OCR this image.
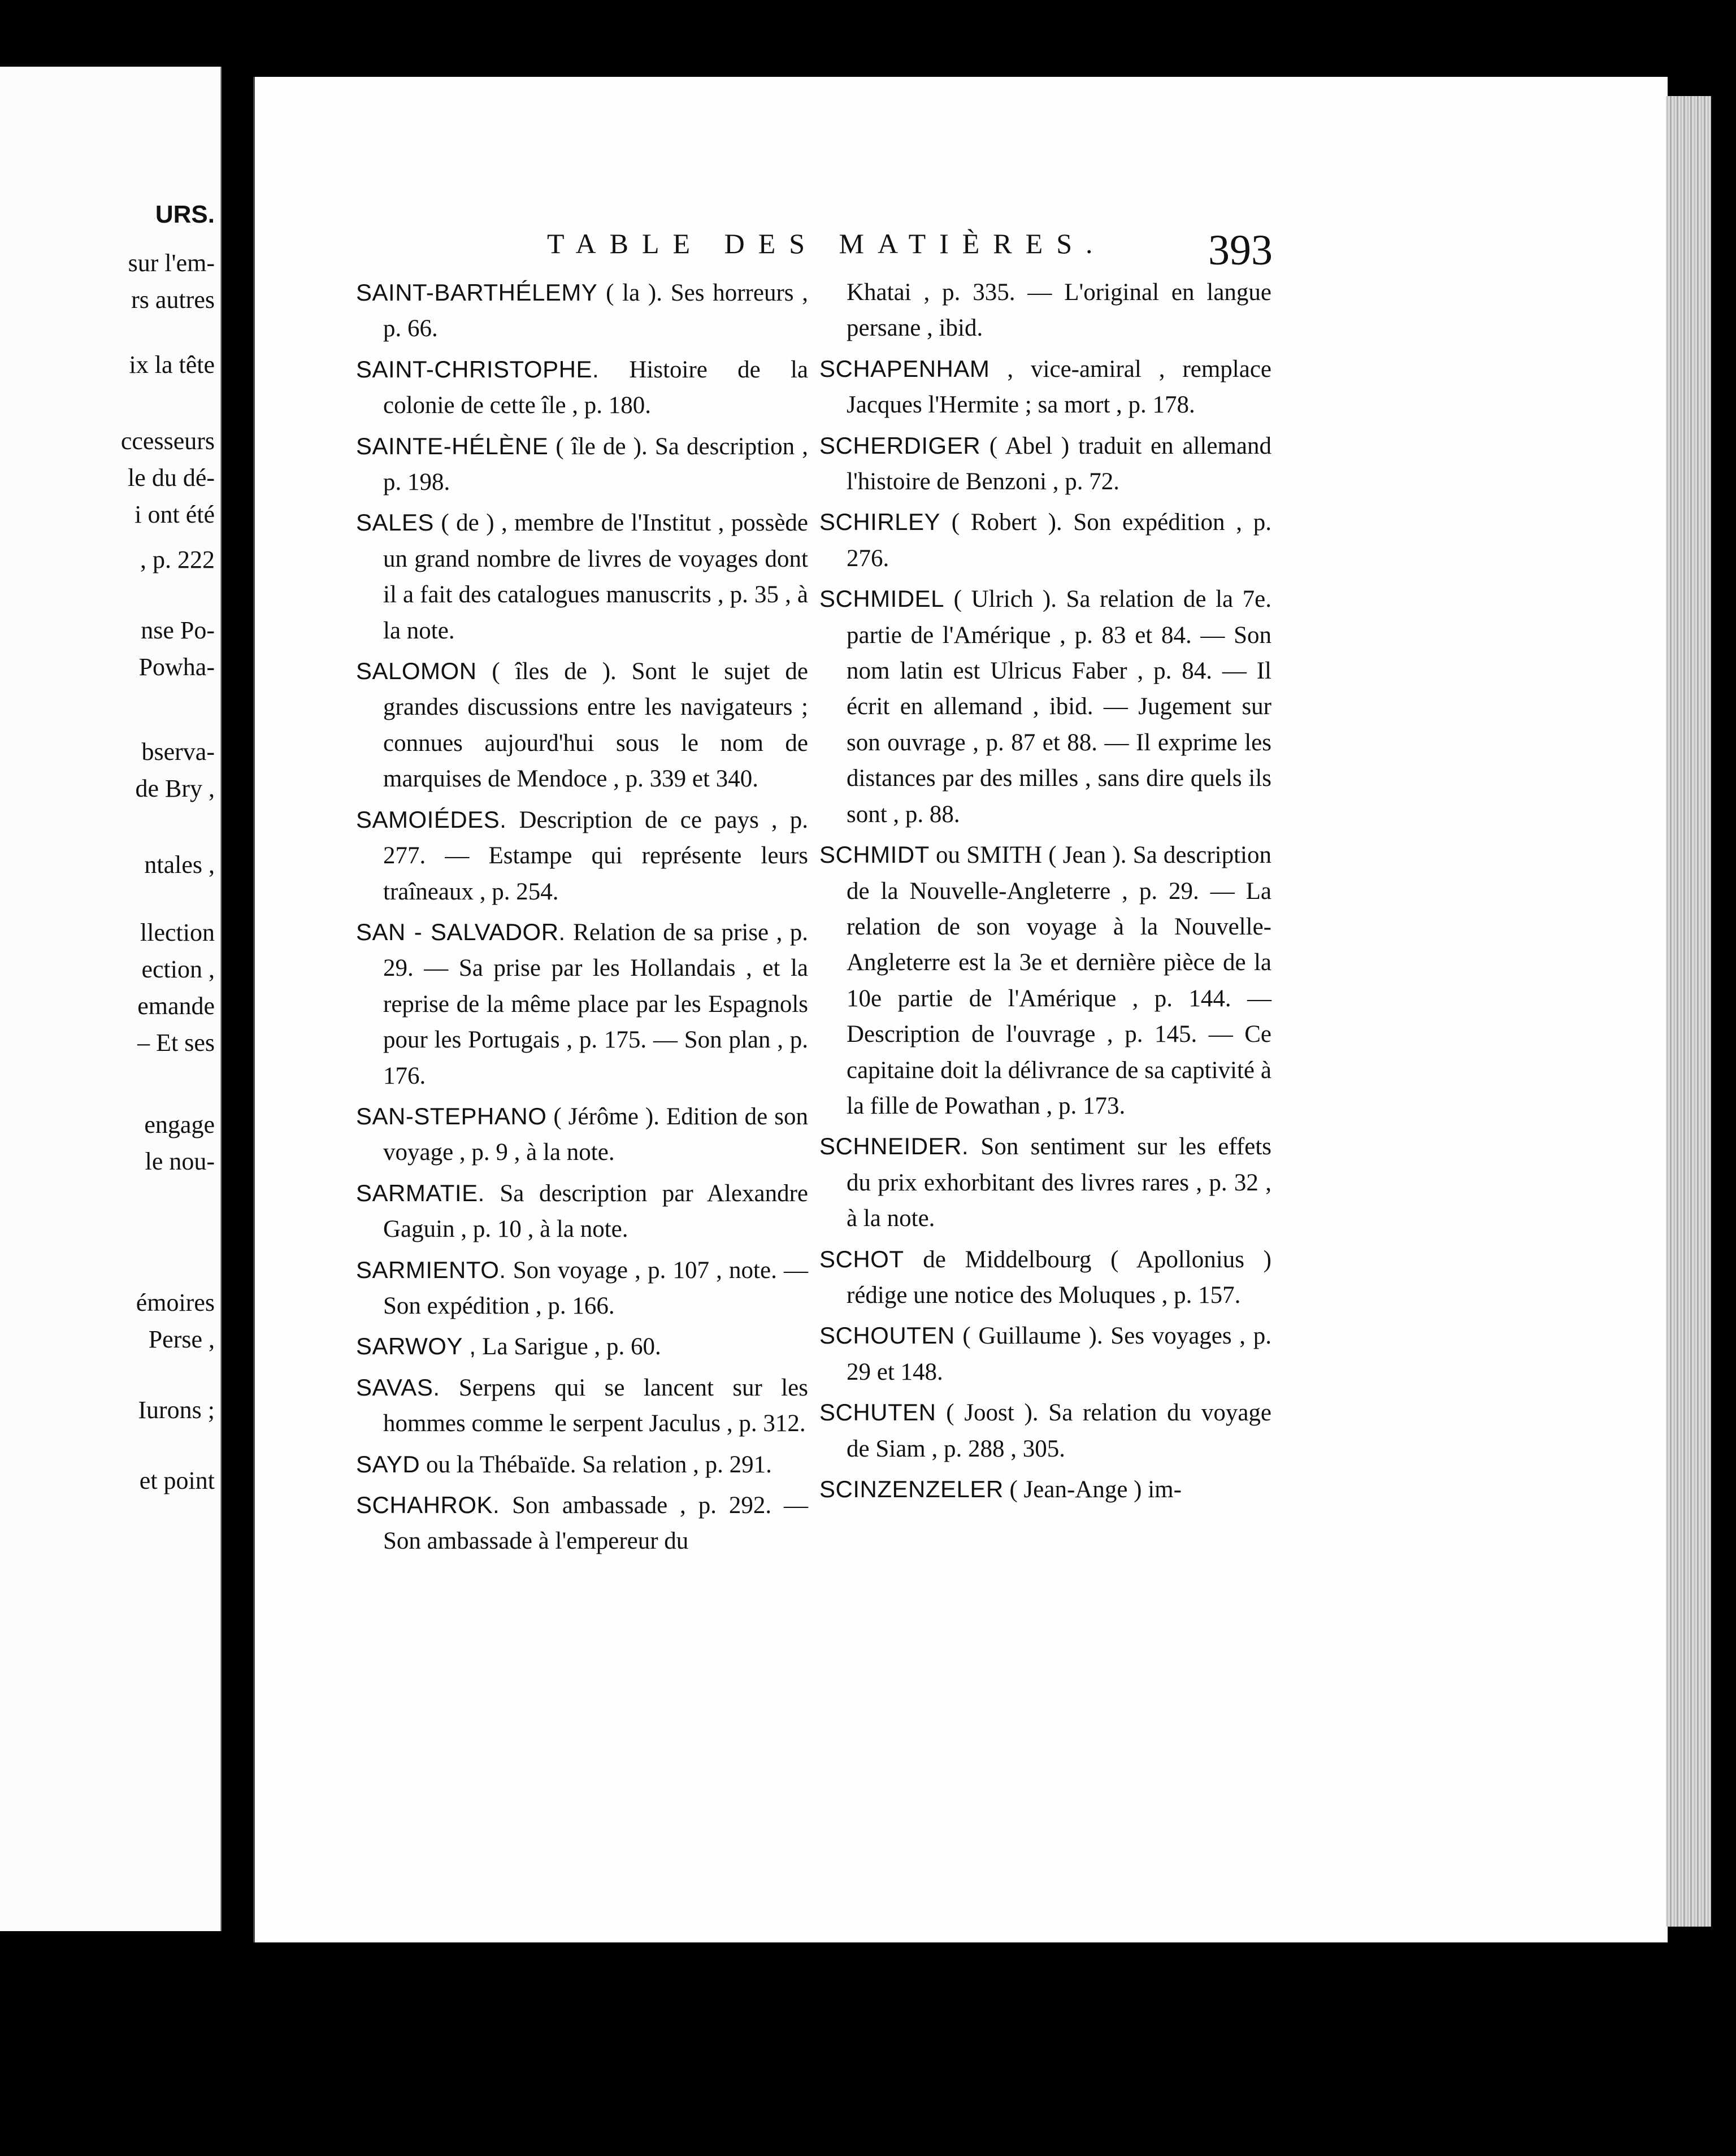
URS.
sur l'em-
rs autres
ix la tête
ccesseurs
le du dé-
i ont été
, p. 222
nse Po-
Powha-
bserva-
de Bry ,
ntales ,
llection
ection ,
emande
– Et ses
engage
le nou-
émoires
Perse ,
Iurons ;
et point
TABLE DES MATIÈRES. 393
SAINT-BARTHÉLEMY ( la ). Ses horreurs , p. 66.
SAINT-CHRISTOPHE. Histoire de la colonie de cette île , p. 180.
SAINTE-HÉLÈNE ( île de ). Sa description , p. 198.
SALES ( de ) , membre de l'Institut , possède un grand nombre de livres de voyages dont il a fait des catalogues manuscrits , p. 35 , à la note.
SALOMON ( îles de ). Sont le sujet de grandes discussions entre les navigateurs ; connues aujourd'hui sous le nom de marquises de Mendoce , p. 339 et 340.
SAMOIÉDES. Description de ce pays , p. 277. — Estampe qui représente leurs traîneaux , p. 254.
SAN - SALVADOR. Relation de sa prise , p. 29. — Sa prise par les Hollandais , et la reprise de la même place par les Espagnols pour les Portugais , p. 175. — Son plan , p. 176.
SAN-STEPHANO ( Jérôme ). Edition de son voyage , p. 9 , à la note.
SARMATIE. Sa description par Alexandre Gaguin , p. 10 , à la note.
SARMIENTO. Son voyage , p. 107 , note. — Son expédition , p. 166.
SARWOY , La Sarigue , p. 60.
SAVAS. Serpens qui se lancent sur les hommes comme le serpent Jaculus , p. 312.
SAYD ou la Thébaïde. Sa relation , p. 291.
SCHAHROK. Son ambassade , p. 292. — Son ambassade à l'empereur du
Khatai , p. 335. — L'original en langue persane , ibid.
SCHAPENHAM , vice-amiral , remplace Jacques l'Hermite ; sa mort , p. 178.
SCHERDIGER ( Abel ) traduit en allemand l'histoire de Benzoni , p. 72.
SCHIRLEY ( Robert ). Son expédition , p. 276.
SCHMIDEL ( Ulrich ). Sa relation de la 7e. partie de l'Amérique , p. 83 et 84. — Son nom latin est Ulricus Faber , p. 84. — Il écrit en allemand , ibid. — Jugement sur son ouvrage , p. 87 et 88. — Il exprime les distances par des milles , sans dire quels ils sont , p. 88.
SCHMIDT ou SMITH ( Jean ). Sa description de la Nouvelle-Angleterre , p. 29. — La relation de son voyage à la Nouvelle-Angleterre est la 3e et dernière pièce de la 10e partie de l'Amérique , p. 144. — Description de l'ouvrage , p. 145. — Ce capitaine doit la délivrance de sa captivité à la fille de Powathan , p. 173.
SCHNEIDER. Son sentiment sur les effets du prix exhorbitant des livres rares , p. 32 , à la note.
SCHOT de Middelbourg ( Apollonius ) rédige une notice des Moluques , p. 157.
SCHOUTEN ( Guillaume ). Ses voyages , p. 29 et 148.
SCHUTEN ( Joost ). Sa relation du voyage de Siam , p. 288 , 305.
SCINZENZELER ( Jean-Ange ) im-
